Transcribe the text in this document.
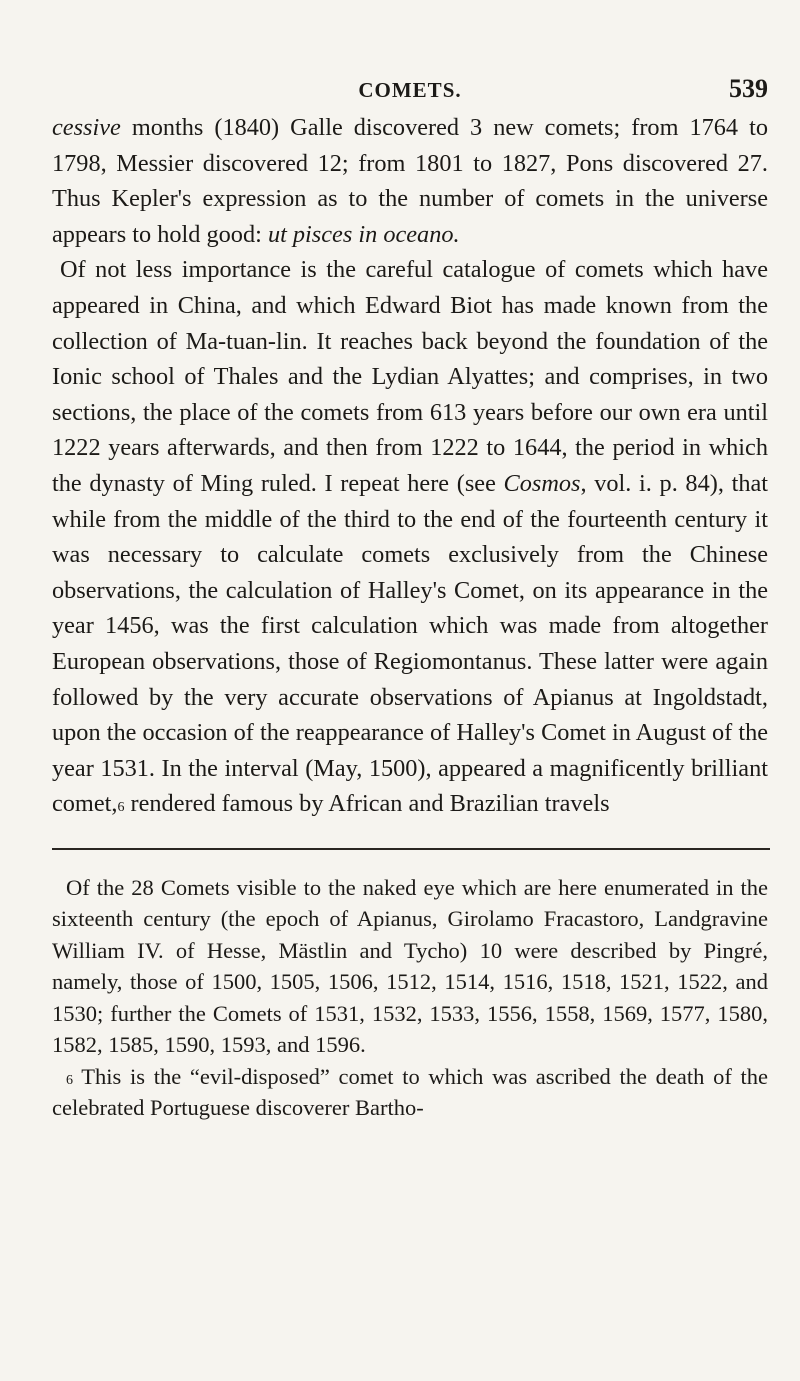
COMETS.	539

cessive months (1840) Galle discovered 3 new comets; from 1764 to 1798, Messier discovered 12; from 1801 to 1827, Pons discovered 27. Thus Kepler's expression as to the number of comets in the universe appears to hold good: ut pisces in oceano.

Of not less importance is the careful catalogue of comets which have appeared in China, and which Edward Biot has made known from the collection of Ma-tuan-lin. It reaches back beyond the foundation of the Ionic school of Thales and the Lydian Alyattes; and comprises, in two sections, the place of the comets from 613 years before our own era until 1222 years afterwards, and then from 1222 to 1644, the period in which the dynasty of Ming ruled. I repeat here (see Cosmos, vol. i. p. 84), that while from the middle of the third to the end of the fourteenth century it was necessary to calculate comets exclusively from the Chinese observations, the calculation of Halley's Comet, on its appearance in the year 1456, was the first calculation which was made from altogether European observations, those of Regiomontanus. These latter were again followed by the very accurate observations of Apianus at Ingoldstadt, upon the occasion of the reappearance of Halley's Comet in August of the year 1531. In the interval (May, 1500), appeared a magnificently brilliant comet,$^6$ rendered famous by African and Brazilian travels

Of the 28 Comets visible to the naked eye which are here enumerated in the sixteenth century (the epoch of Apianus, Girolamo Fracastoro, Landgravine William IV. of Hesse, Mästlin and Tycho) 10 were described by Pingré, namely, those of 1500, 1505, 1506, 1512, 1514, 1516, 1518, 1521, 1522, and 1530; further the Comets of 1531, 1532, 1533, 1556, 1558, 1569, 1577, 1580, 1582, 1585, 1590, 1593, and 1596.

$^6$ This is the “evil-disposed” comet to which was ascribed the death of the celebrated Portuguese discoverer Bartho-
